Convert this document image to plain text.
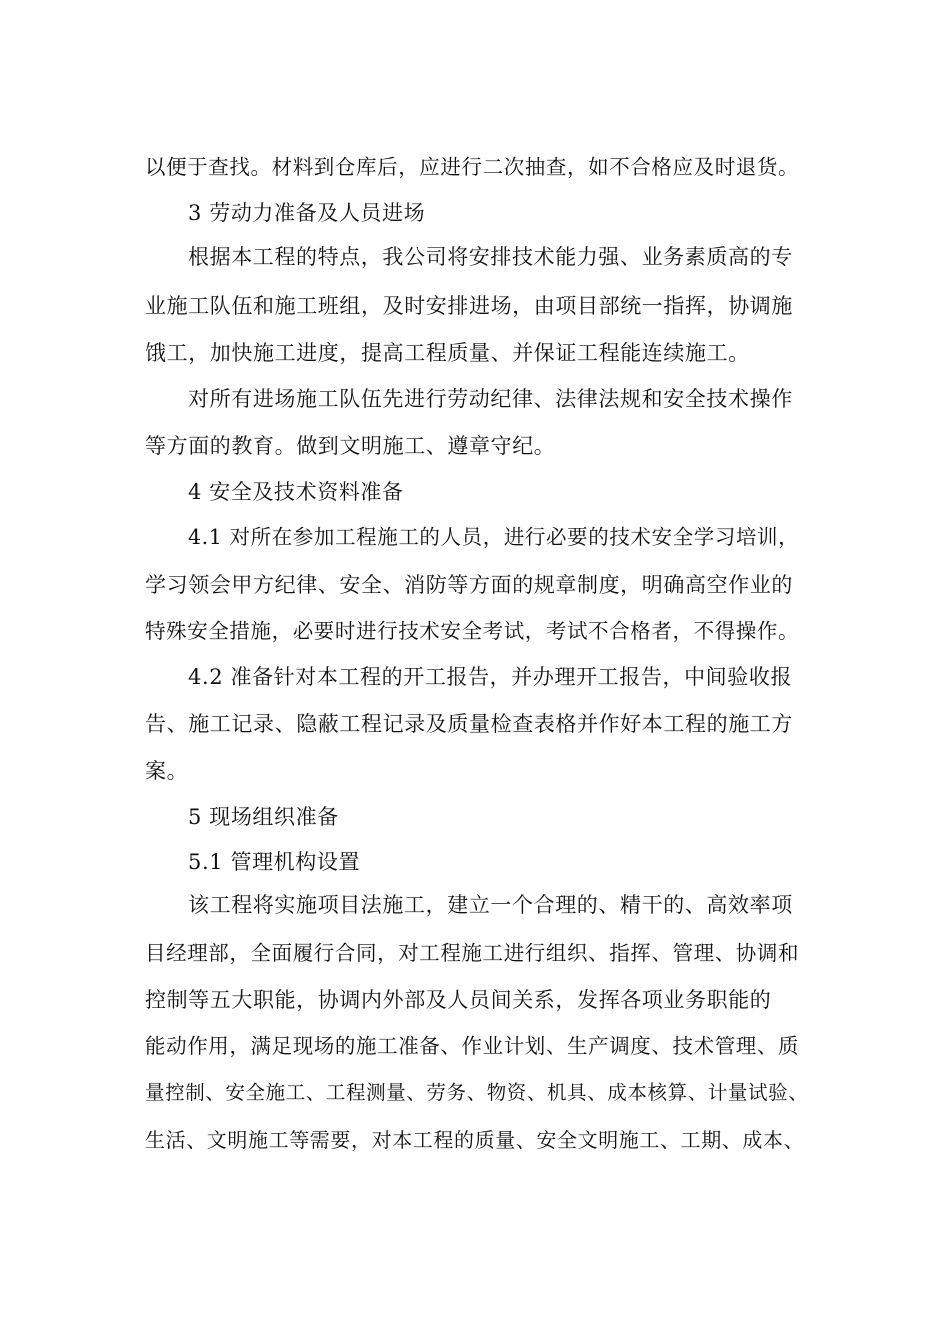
以便于查找。材料到仓库后，应进行二次抽查，如不合格应及时退货。
3 劳动力准备及人员进场
根据本工程的特点，我公司将安排技术能力强、业务素质高的专
业施工队伍和施工班组，及时安排进场，由项目部统一指挥，协调施
饿工，加快施工进度，提高工程质量、并保证工程能连续施工。
对所有进场施工队伍先进行劳动纪律、法律法规和安全技术操作
等方面的教育。做到文明施工、遵章守纪。
4 安全及技术资料准备
4.1 对所在参加工程施工的人员，进行必要的技术安全学习培训，
学习领会甲方纪律、安全、消防等方面的规章制度，明确高空作业的
特殊安全措施，必要时进行技术安全考试，考试不合格者，不得操作。
4.2 准备针对本工程的开工报告，并办理开工报告，中间验收报
告、施工记录、隐蔽工程记录及质量检查表格并作好本工程的施工方
案。
5 现场组织准备
5.1 管理机构设置
该工程将实施项目法施工，建立一个合理的、精干的、高效率项
目经理部，全面履行合同，对工程施工进行组织、指挥、管理、协调和
控制等五大职能，协调内外部及人员间关系，发挥各项业务职能的
能动作用，满足现场的施工准备、作业计划、生产调度、技术管理、质
量控制、安全施工、工程测量、劳务、物资、机具、成本核算、计量试验、
生活、文明施工等需要，对本工程的质量、安全文明施工、工期、成本、
